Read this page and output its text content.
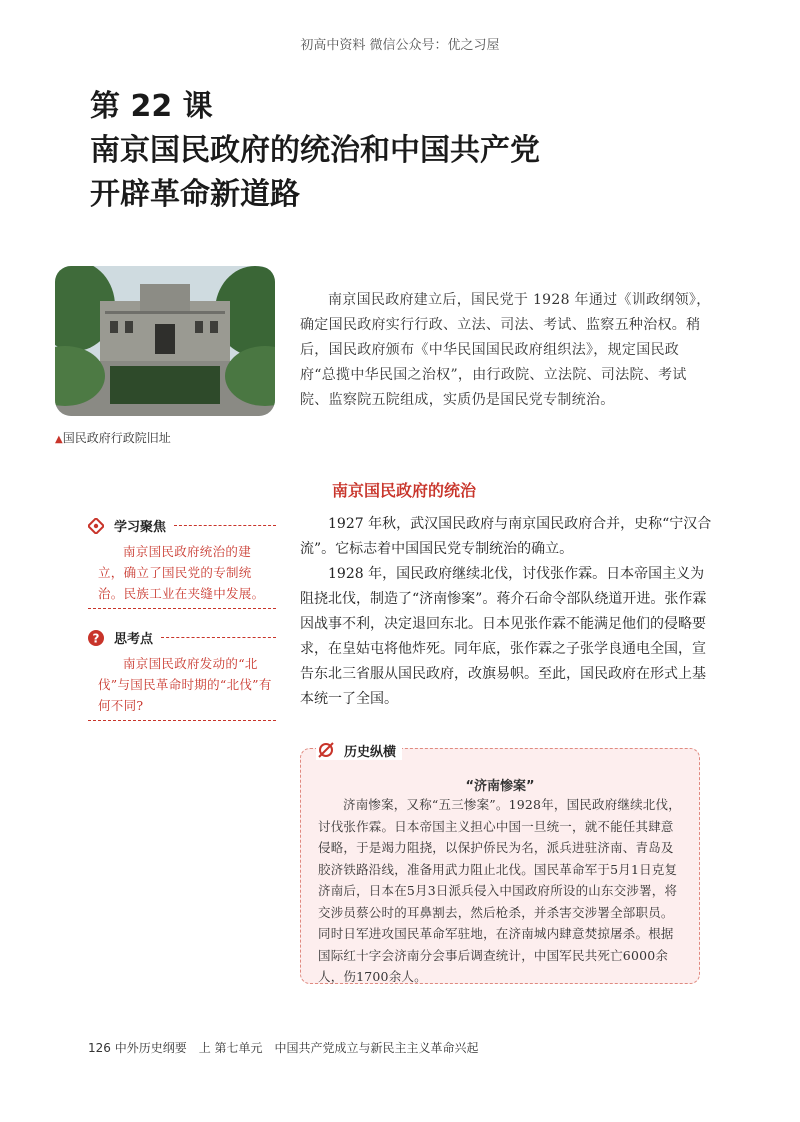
初高中资料 微信公众号：优之习屋
第 22 课
南京国民政府的统治和中国共产党
开辟革命新道路
▲国民政府行政院旧址
南京国民政府建立后，国民党于 1928 年通过《训政纲领》，确定国民政府实行行政、立法、司法、考试、监察五种治权。稍后，国民政府颁布《中华民国国民政府组织法》，规定国民政府“总揽中华民国之治权”，由行政院、立法院、司法院、考试院、监察院五院组成，实质仍是国民党专制统治。
南京国民政府的统治

1927 年秋，武汉国民政府与南京国民政府合并，史称“宁汉合流”。它标志着中国国民党专制统治的确立。

1928 年，国民政府继续北伐，讨伐张作霖。日本帝国主义为阻挠北伐，制造了“济南惨案”。蒋介石命令部队绕道开进。张作霖因战事不利，决定退回东北。日本见张作霖不能满足他们的侵略要求，在皇姑屯将他炸死。同年底，张作霖之子张学良通电全国，宣告东北三省服从国民政府，改旗易帜。至此，国民政府在形式上基本统一了全国。

学习聚焦
南京国民政府统治的建立，确立了国民党的专制统治。民族工业在夹缝中发展。
? 思考点
南京国民政府发动的“北伐”与国民革命时期的“北伐”有何不同?
历史纵横
“济南惨案”
济南惨案，又称“五三惨案”。1928年，国民政府继续北伐，讨伐张作霖。日本帝国主义担心中国一旦统一，就不能任其肆意侵略，于是竭力阻挠，以保护侨民为名，派兵进驻济南、青岛及胶济铁路沿线，准备用武力阻止北伐。国民革命军于5月1日克复济南后，日本在5月3日派兵侵入中国政府所设的山东交涉署，将交涉员蔡公时的耳鼻割去，然后枪杀，并杀害交涉署全部职员。同时日军进攻国民革命军驻地，在济南城内肆意焚掠屠杀。根据国际红十字会济南分会事后调查统计，中国军民共死亡6000余人，伤1700余人。
126 中外历史纲要　上 第七单元　中国共产党成立与新民主主义革命兴起
